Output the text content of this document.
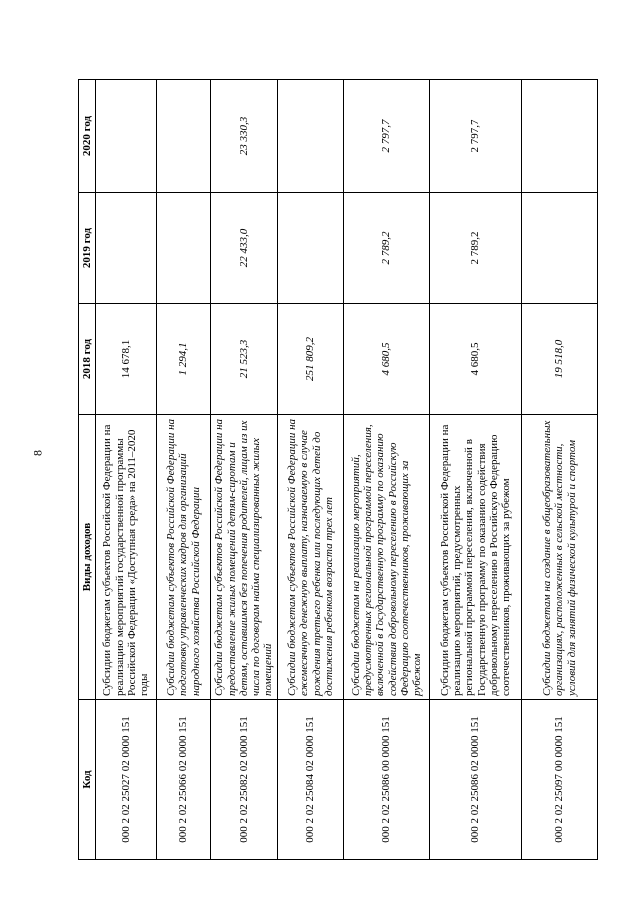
8
Код	Виды доходов	2018 год	2019 год	2020 год
000 2 02 25027 02 0000 151	Субсидии бюджетам субъектов Российской Федерации на реализацию мероприятий государственной программы Российской Федерации «Доступная среда» на 2011–2020 годы	14 678,1		
000 2 02 25066 02 0000 151	Субсидии бюджетам субъектов Российской Федерации на подготовку управленческих кадров для организаций народного хозяйства Российской Федерации	1 294,1		
000 2 02 25082 02 0000 151	Субсидии бюджетам субъектов Российской Федерации на предоставление жилых помещений детям-сиротам и детям, оставшимся без попечения родителей, лицам из их числа по договорам найма специализированных жилых помещений	21 523,3	22 433,0	23 330,3
000 2 02 25084 02 0000 151	Субсидии бюджетам субъектов Российской Федерации на ежемесячную денежную выплату, назначаемую в случае рождения третьего ребенка или последующих детей до достижения ребенком возраста трех лет	251 809,2		
000 2 02 25086 00 0000 151	Субсидии бюджетам на реализацию мероприятий, предусмотренных региональной программой переселения, включенной в Государственную программу по оказанию содействия добровольному переселению в Российскую Федерацию соотечественников, проживающих за рубежом	4 680,5	2 789,2	2 797,7
000 2 02 25086 02 0000 151	Субсидии бюджетам субъектов Российской Федерации на реализацию мероприятий, предусмотренных региональной программой переселения, включенной в Государственную программу по оказанию содействия добровольному переселению в Российскую Федерацию соотечественников, проживающих за рубежом	4 680,5	2 789,2	2 797,7
000 2 02 25097 00 0000 151	Субсидии бюджетам на создание в общеобразовательных организациях, расположенных в сельской местности, условий для занятий физической культурой и спортом	19 518,0		
